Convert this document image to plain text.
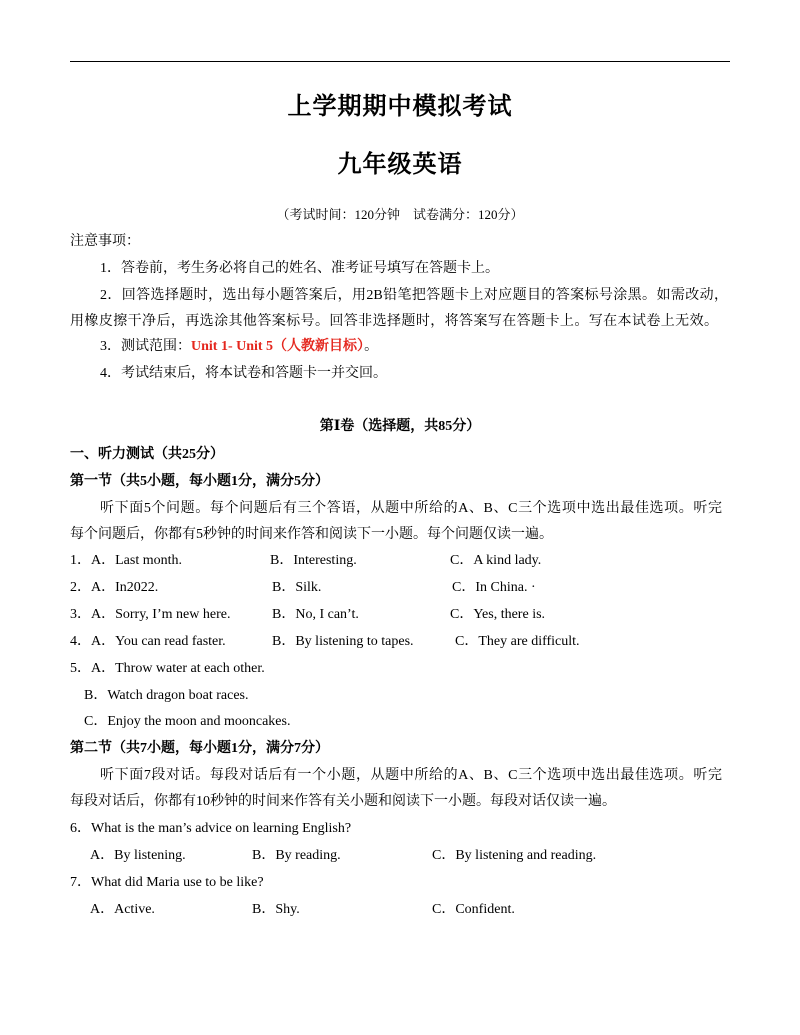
上学期期中模拟考试
九年级英语
（考试时间：120分钟　试卷满分：120分）
注意事项：
1．答卷前，考生务必将自己的姓名、准考证号填写在答题卡上。
2．回答选择题时，选出每小题答案后，用2B铅笔把答题卡上对应题目的答案标号涂黑。如需改动，
用橡皮擦干净后，再选涂其他答案标号。回答非选择题时，将答案写在答题卡上。写在本试卷上无效。
3．测试范围：Unit 1- Unit 5（人教新目标）。
4．考试结束后，将本试卷和答题卡一并交回。
第Ⅰ卷（选择题，共85分）
一、听力测试（共25分）
第一节（共5小题，每小题1分，满分5分）
听下面5个问题。每个问题后有三个答语，从题中所给的A、B、C三个选项中选出最佳选项。听完
每个问题后，你都有5秒钟的时间来作答和阅读下一小题。每个问题仅读一遍。
1． A．Last month.	B．Interesting.	C．A kind lady.
2． A．In2022.	B．Silk.	C．In China. ·
3． A．Sorry, I’m new here.	B．No, I can’t.	C．Yes, there is.
4． A．You can read faster.	B．By listening to tapes.	C．They are difficult.
5． A．Throw water at each other.
B．Watch dragon boat races.
C．Enjoy the moon and mooncakes.
第二节（共7小题，每小题1分，满分7分）
听下面7段对话。每段对话后有一个小题，从题中所给的A、B、C三个选项中选出最佳选项。听完
每段对话后，你都有10秒钟的时间来作答有关小题和阅读下一小题。每段对话仅读一遍。
6．What is the man’s advice on learning English?
A．By listening.	B．By reading.	C．By listening and reading.
7．What did Maria use to be like?
A．Active.	B．Shy.	C．Confident.
